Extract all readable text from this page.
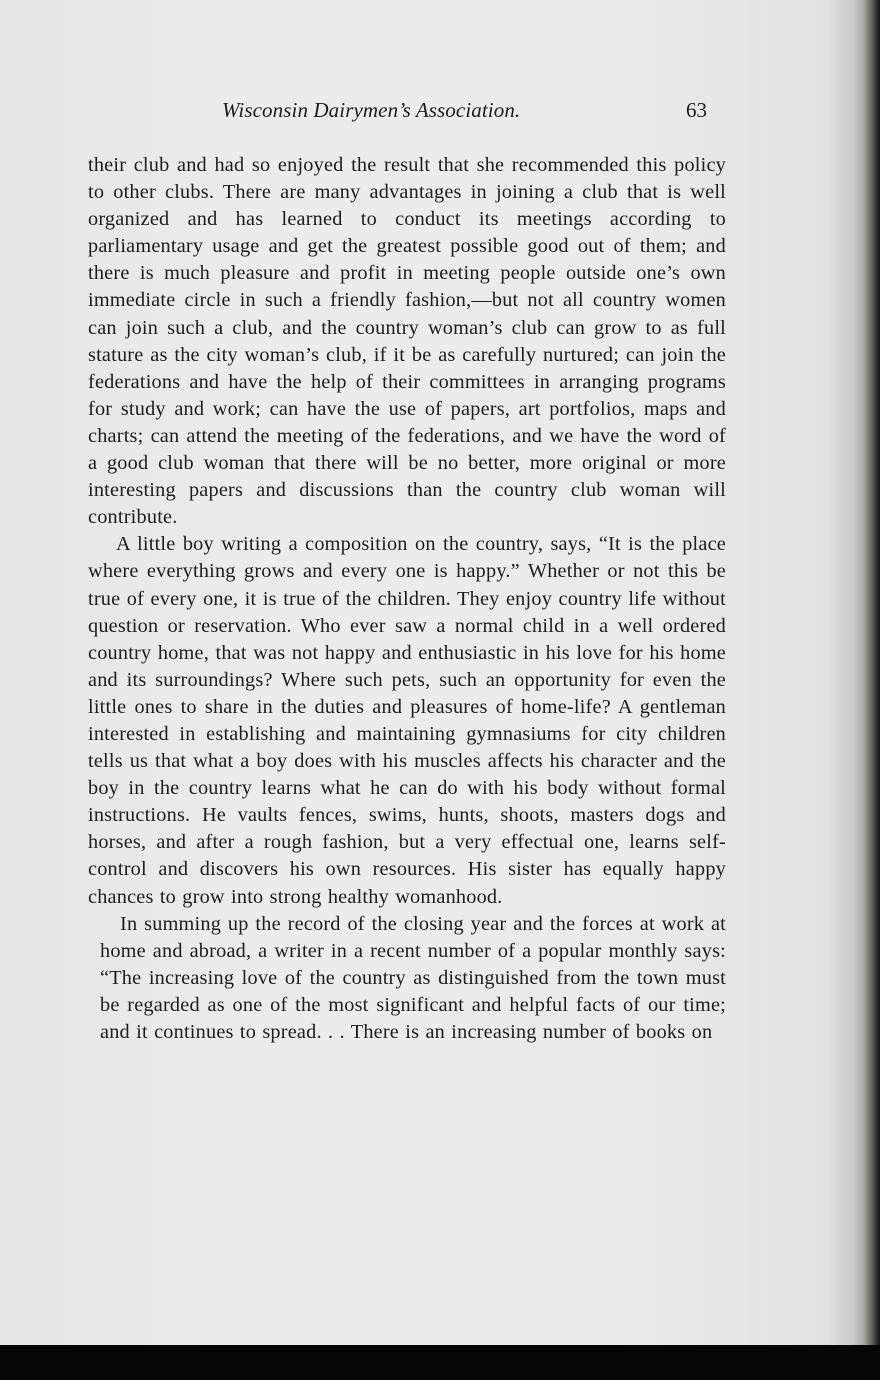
Wisconsin Dairymen’s Association.	63

their club and had so enjoyed the result that she recommended this policy to other clubs. There are many advantages in joining a club that is well organized and has learned to conduct its meetings according to parliamentary usage and get the greatest possible good out of them; and there is much pleasure and profit in meeting people outside one’s own immediate circle in such a friendly fashion,—but not all country women can join such a club, and the country woman’s club can grow to as full stature as the city woman’s club, if it be as carefully nurtured; can join the federations and have the help of their committees in arranging programs for study and work; can have the use of papers, art portfolios, maps and charts; can attend the meeting of the federations, and we have the word of a good club woman that there will be no better, more original or more interesting papers and discussions than the country club woman will contribute.

A little boy writing a composition on the country, says, “It is the place where everything grows and every one is happy.” Whether or not this be true of every one, it is true of the children. They enjoy country life without question or reservation. Who ever saw a normal child in a well ordered country home, that was not happy and enthusiastic in his love for his home and its surroundings? Where such pets, such an opportunity for even the little ones to share in the duties and pleasures of home-life? A gentleman interested in establishing and maintaining gymnasiums for city children tells us that what a boy does with his muscles affects his character and the boy in the country learns what he can do with his body without formal instructions. He vaults fences, swims, hunts, shoots, masters dogs and horses, and after a rough fashion, but a very effectual one, learns self-control and discovers his own resources. His sister has equally happy chances to grow into strong healthy womanhood.

In summing up the record of the closing year and the forces at work at home and abroad, a writer in a recent number of a popular monthly says: “The increasing love of the country as distinguished from the town must be regarded as one of the most significant and helpful facts of our time; and it continues to spread. . . There is an increasing number of books on
